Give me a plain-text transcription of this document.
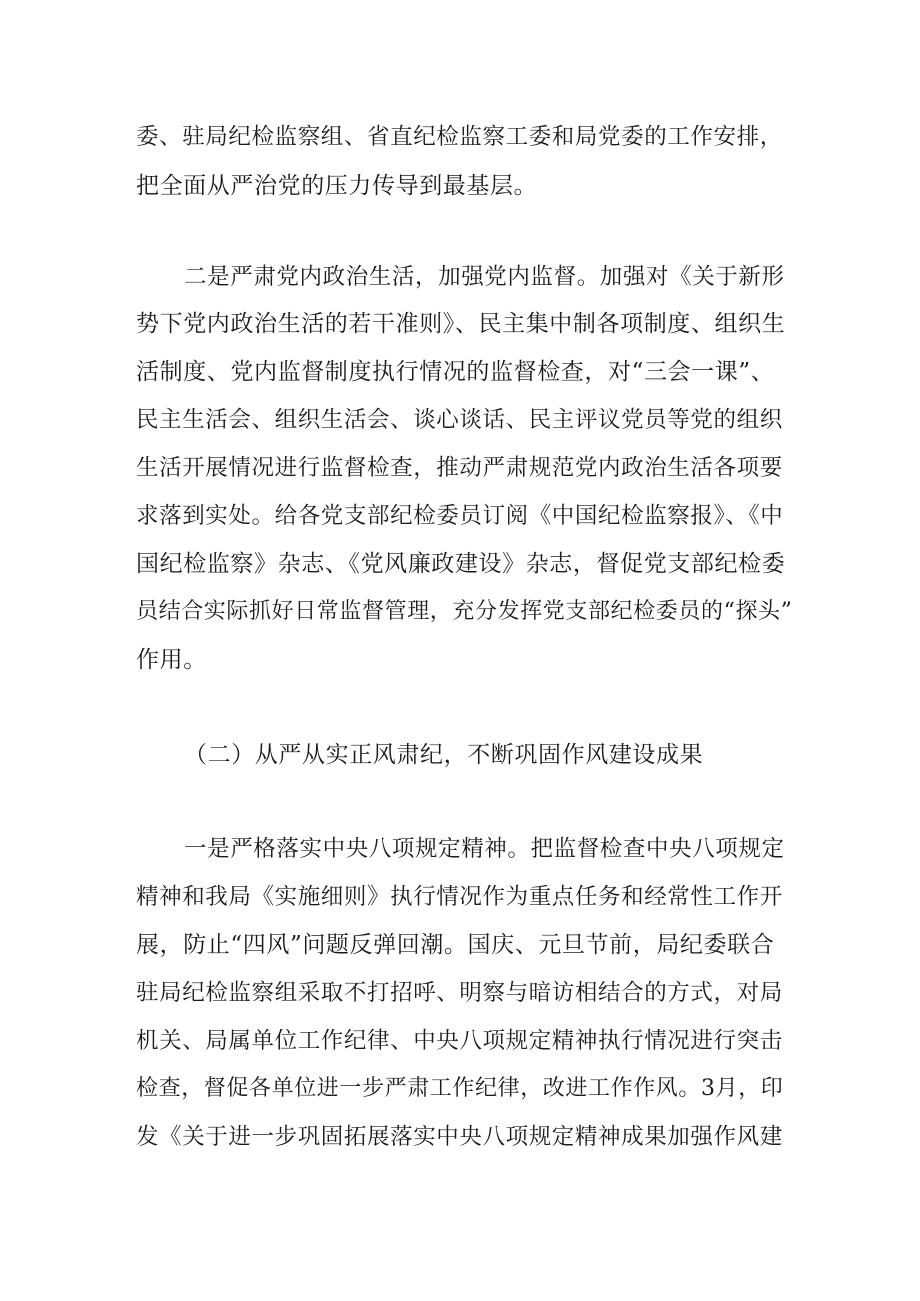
委、驻局纪检监察组、省直纪检监察工委和局党委的工作安排，
把全面从严治党的压力传导到最基层。
二是严肃党内政治生活，加强党内监督。加强对《关于新形
势下党内政治生活的若干准则》、民主集中制各项制度、组织生
活制度、党内监督制度执行情况的监督检查，对“三会一课”、
民主生活会、组织生活会、谈心谈话、民主评议党员等党的组织
生活开展情况进行监督检查，推动严肃规范党内政治生活各项要
求落到实处。给各党支部纪检委员订阅《中国纪检监察报》、《中
国纪检监察》杂志、《党风廉政建设》杂志，督促党支部纪检委
员结合实际抓好日常监督管理，充分发挥党支部纪检委员的“探头”
作用。
（二）从严从实正风肃纪，不断巩固作风建设成果
一是严格落实中央八项规定精神。把监督检查中央八项规定
精神和我局《实施细则》执行情况作为重点任务和经常性工作开
展，防止“四风”问题反弹回潮。国庆、元旦节前，局纪委联合
驻局纪检监察组采取不打招呼、明察与暗访相结合的方式，对局
机关、局属单位工作纪律、中央八项规定精神执行情况进行突击
检查，督促各单位进一步严肃工作纪律，改进工作作风。3月，印
发《关于进一步巩固拓展落实中央八项规定精神成果加强作风建
